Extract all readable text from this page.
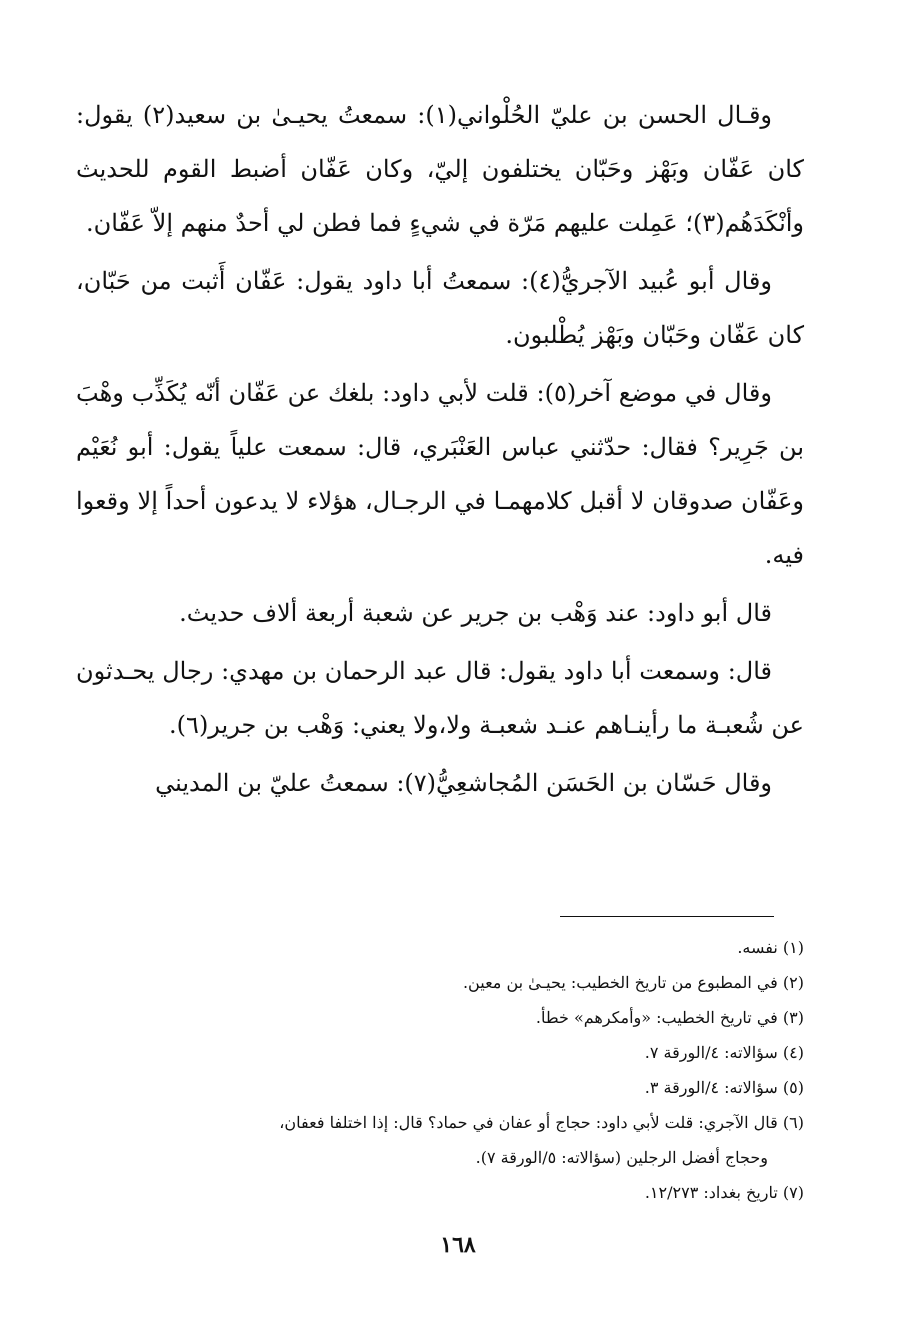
وقـال الحسن بن عليّ الحُلْواني(١): سمعتُ يحيـىٰ بن سعيد(٢) يقول: كان عَفّان وبَهْز وحَبّان يختلفون إليّ، وكان عَفّان أضبط القوم للحديث وأنْكَدَهُم(٣)؛ عَمِلت عليهم مَرّة في شيءٍ فما فطن لي أحدٌ منهم إلاّ عَفّان.

وقال أبو عُبيد الآجريُّ(٤): سمعتُ أبا داود يقول: عَفّان أَثبت من حَبّان، كان عَفّان وحَبّان وبَهْز يُطْلبون.

وقال في موضع آخر(٥): قلت لأبي داود: بلغك عن عَفّان أنّه يُكَذِّب وهْبَ بن جَرِير؟ فقال: حدّثني عباس العَنْبَري، قال: سمعت علياً يقول: أبو نُعَيْم وعَفّان صدوقان لا أقبل كلامهمـا في الرجـال، هؤلاء لا يدعون أحداً إلا وقعوا فيه.

قال أبو داود: عند وَهْب بن جرير عن شعبة أربعة ألاف حديث.

قال: وسمعت أبا داود يقول: قال عبد الرحمان بن مهدي: رجال يحـدثون عن شُعبـة ما رأينـاهم عنـد شعبـة ولا،ولا يعني: وَهْب بن جرير(٦).

وقال حَسّان بن الحَسَن المُجاشعِيُّ(٧): سمعتُ عليّ بن المديني

(١) نفسه.

(٢) في المطبوع من تاريخ الخطيب: يحيـىٰ بن معين.

(٣) في تاريخ الخطيب: «وأمكرهم» خطأ.

(٤) سؤالاته: ٤/الورقة ٧.

(٥) سؤالاته: ٤/الورقة ٣.

(٦) قال الآجري: قلت لأبي داود: حجاج أو عفان في حماد؟ قال: إذا اختلفا فعفان،

وحجاج أفضل الرجلين (سؤالاته: ٥/الورقة ٧).

(٧) تاريخ بغداد: ١٢/٢٧٣.

١٦٨
